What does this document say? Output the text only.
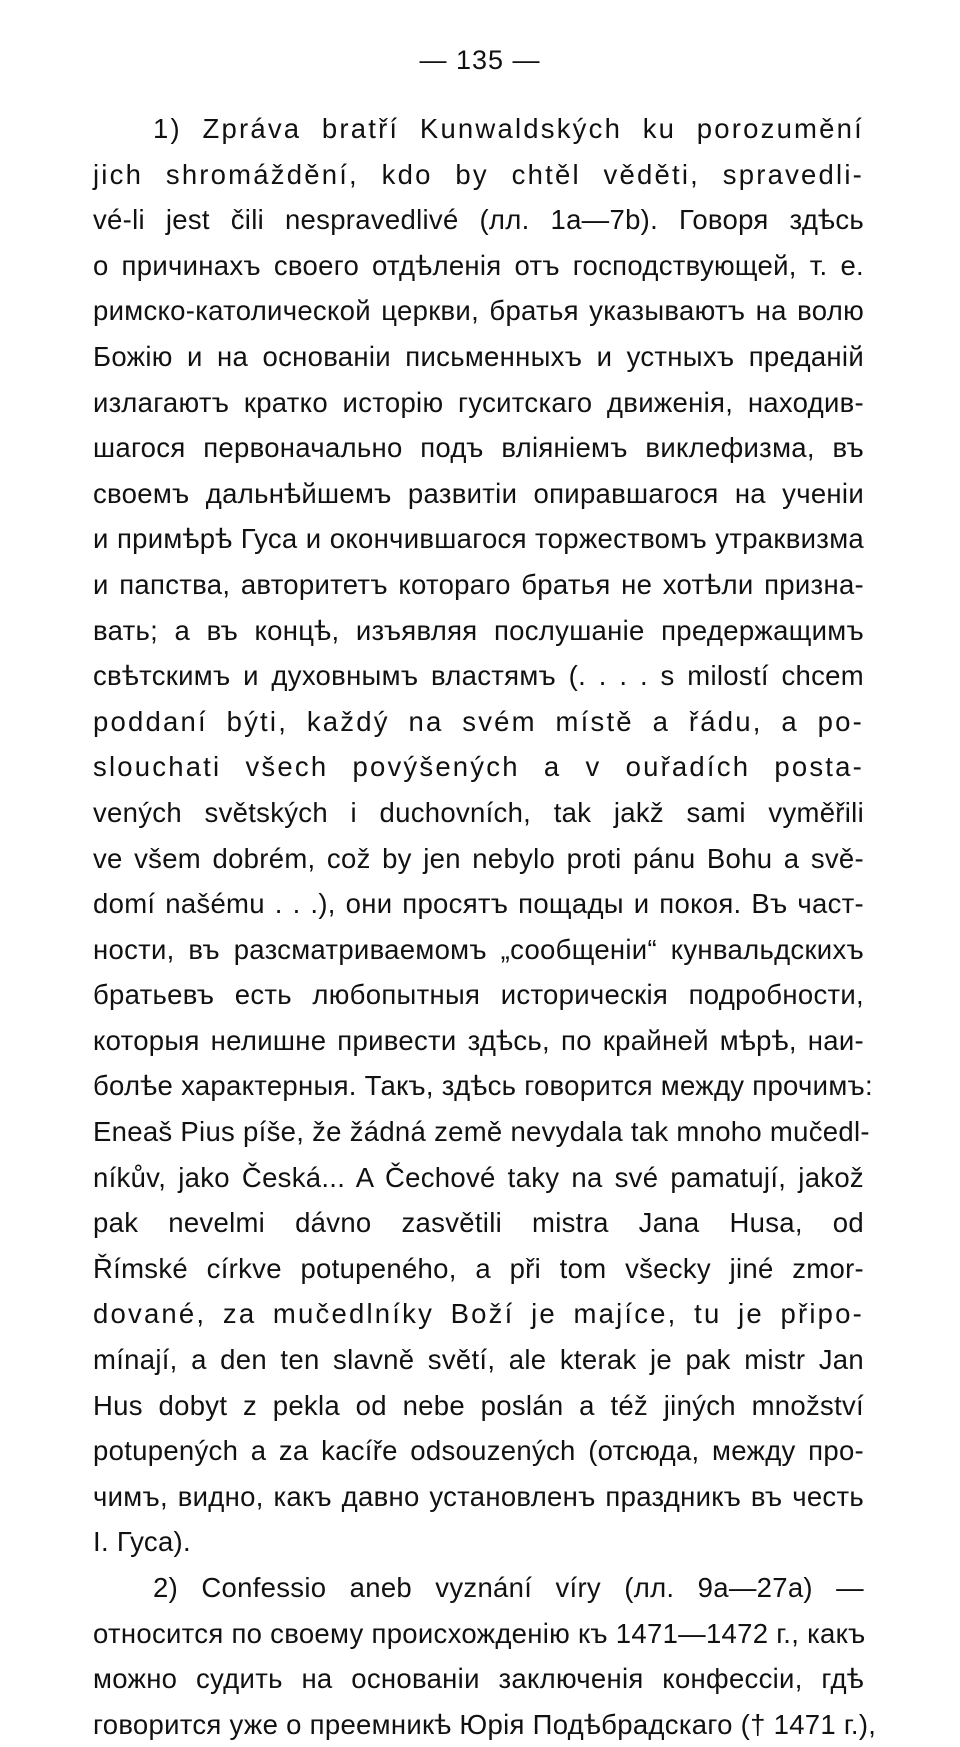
— 135 —
1) Zpráva bratří Kunwaldských ku porozumění
jich shromáždění, kdo by chtěl věděti, spravedli-
vé-li jest čili nespravedlivé (лл. 1a—7b). Говоря здѣсь
о причинахъ своего отдѣленія отъ господствующей, т. е.
римско-католической церкви, братья указываютъ на волю
Божію и на основаніи письменныхъ и устныхъ преданій
излагаютъ кратко исторію гуситскаго движенія, находив-
шагося первоначально подъ вліяніемъ виклефизма, въ
своемъ дальнѣйшемъ развитіи опиравшагося на ученіи
и примѣрѣ Гуса и окончившагося торжествомъ утраквизма
и папства, авторитетъ котораго братья не хотѣли призна-
вать; а въ концѣ, изъявляя послушаніе предержащимъ
свѣтскимъ и духовнымъ властямъ (. . . . s milostí chcem
poddaní býti, každý na svém místě a řádu, a po-
slouchati všech povýšených a v ouřadích posta-
vených světských i duchovních, tak jakž sami vyměřili
ve všem dobrém, což by jen nebylo proti pánu Bohu a svě-
domí našému . . .), они просятъ пощады и покоя. Въ част-
ности, въ разсматриваемомъ „сообщеніи“ кунвальдскихъ
братьевъ есть любопытныя историческія подробности,
которыя нелишне привести здѣсь, по крайней мѣрѣ, наи-
болѣе характерныя. Такъ, здѣсь говорится между прочимъ:
Eneaš Pius píše, že žádná země nevydala tak mnoho mučedl-
níkův, jako Česká... A Čechové taky na své pamatují, jakož
pak nevelmi dávno zasvětili mistra Jana Husa, od
Římské církve potupeného, a při tom všecky jiné zmor-
dované, za mučedlníky Boží je majíce, tu je připo-
mínají, a den ten slavně světí, ale kterak je pak mistr Jan
Hus dobyt z pekla od nebe poslán a též jiných množství
potupených a za kacíře odsouzených (отсюда, между про-
чимъ, видно, какъ давно установленъ праздникъ въ честь
I. Гуса).
2) Confessio aneb vyznání víry (лл. 9a—27a) —
относится по своему происхожденію къ 1471—1472 г., какъ
можно судить на основаніи заключенія конфессіи, гдѣ
говорится уже о преемникѣ Юрія Подѣбрадскаго († 1471 г.),
